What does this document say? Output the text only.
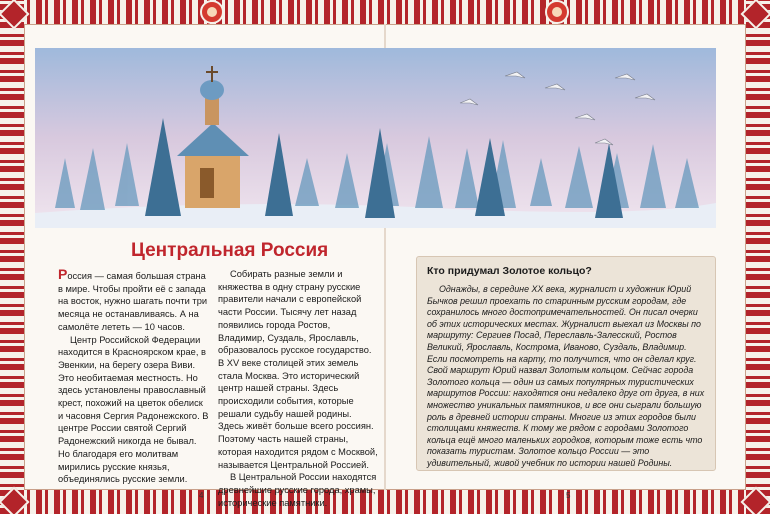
Центральная Россия

Россия — самая большая страна в мире. Чтобы пройти её с запада на восток, нужно шагать почти три месяца не останавливаясь. А на самолёте лететь — 10 часов.

Центр Российской Федерации находится в Красноярском крае, в Эвенкии, на берегу озера Виви. Это необитаемая местность. Но здесь установлены православный крест, похожий на цветок обелиск и часовня Сергия Радонежского. В центре России святой Сергий Радонежский никогда не бывал. Но благодаря его молитвам мирились русские князья, объединялись русские земли.

Собирать разные земли и княжества в одну страну русские правители начали с европейской части России. Тысячу лет назад появились города Ростов, Владимир, Суздаль, Ярославль, образовалось русское государство. В XV веке столицей этих земель стала Москва. Это исторический центр нашей страны. Здесь происходили события, которые решали судьбу нашей родины. Здесь живёт больше всего россиян. Поэтому часть нашей страны, которая находится рядом с Москвой, называется Центральной Россией.

В Центральной России находятся древнейшие русские города, храмы, исторические памятники.

Кто придумал Золотое кольцо?

Однажды, в середине XX века, журналист и художник Юрий Бычков решил проехать по старинным русским городам, где сохранилось много достопримечательностей. Он писал очерки об этих исторических местах. Журналист выехал из Москвы по маршруту: Сергиев Посад, Переславль-Залесский, Ростов Великий, Ярославль, Кострома, Иваново, Суздаль, Владимир. Если посмотреть на карту, то получится, что он сделал круг. Свой маршрут Юрий назвал Золотым кольцом. Сейчас города Золотого кольца — один из самых популярных туристических маршрутов России: находятся они недалеко друг от друга, в них множество уникальных памятников, и все они сыграли большую роль в древней истории страны. Многие из этих городов были столицами княжеств. К тому же рядом с городами Золотого кольца ещё много маленьких городков, которым тоже есть что показать туристам. Золотое кольцо России — это удивительный, живой учебник по истории нашей Родины.

4	5
